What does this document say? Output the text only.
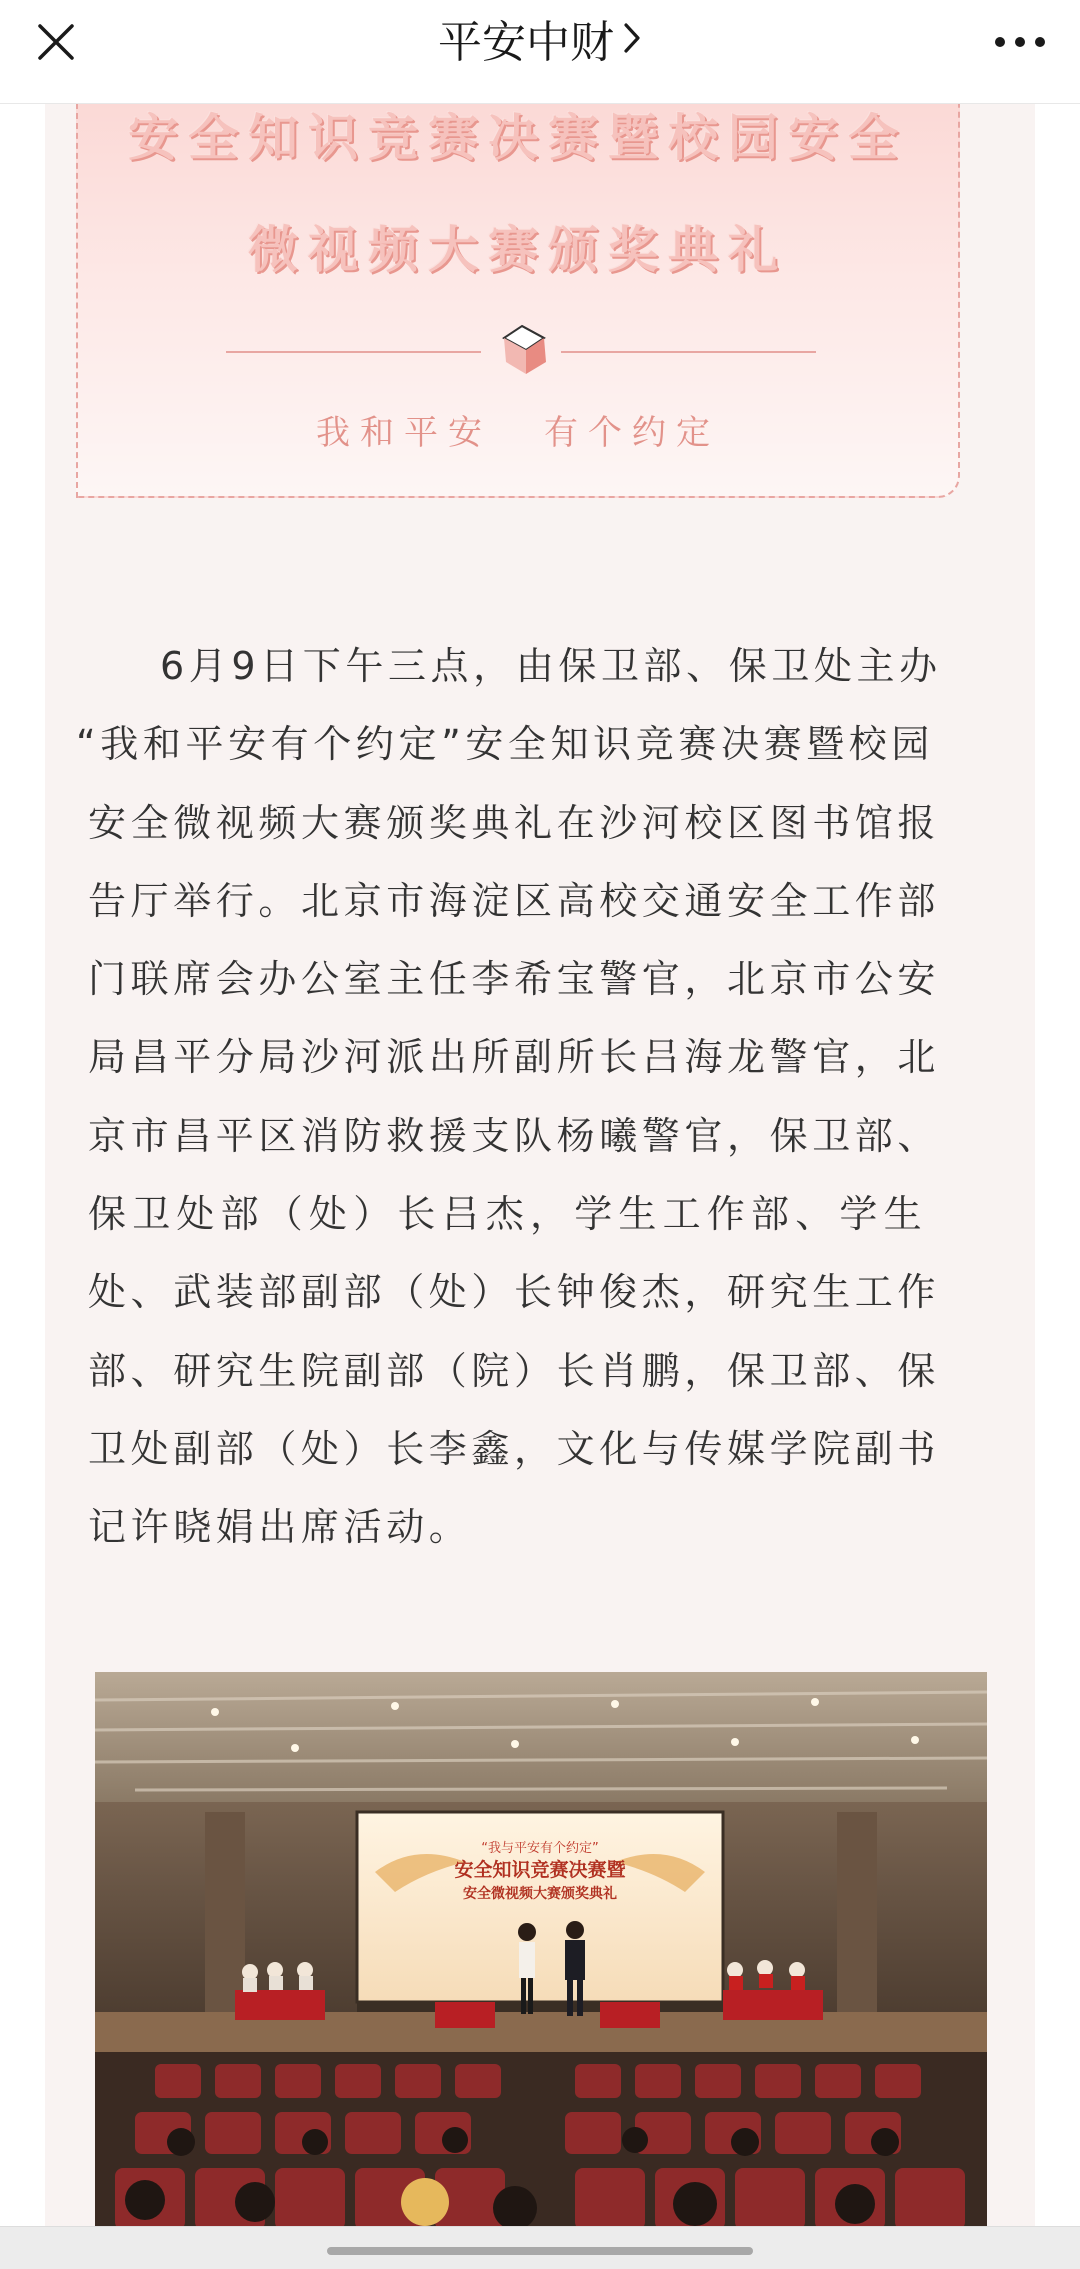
平安中财
安全知识竞赛决赛暨校园安全
微视频大赛颁奖典礼
我和平安 有个约定
6月9日下午三点，由保卫部、保卫处主办
“我和平安有个约定”安全知识竞赛决赛暨校园
安全微视频大赛颁奖典礼在沙河校区图书馆报
告厅举行。北京市海淀区高校交通安全工作部
门联席会办公室主任李希宝警官，北京市公安
局昌平分局沙河派出所副所长吕海龙警官，北
京市昌平区消防救援支队杨曦警官，保卫部、
保卫处部（处）长吕杰，学生工作部、学生
处、武装部副部（处）长钟俊杰，研究生工作
部、研究生院副部（院）长肖鹏，保卫部、保
卫处副部（处）长李鑫，文化与传媒学院副书
记许晓娟出席活动。
“我与平安有个约定”
安全知识竞赛决赛暨
安全微视频大赛颁奖典礼
